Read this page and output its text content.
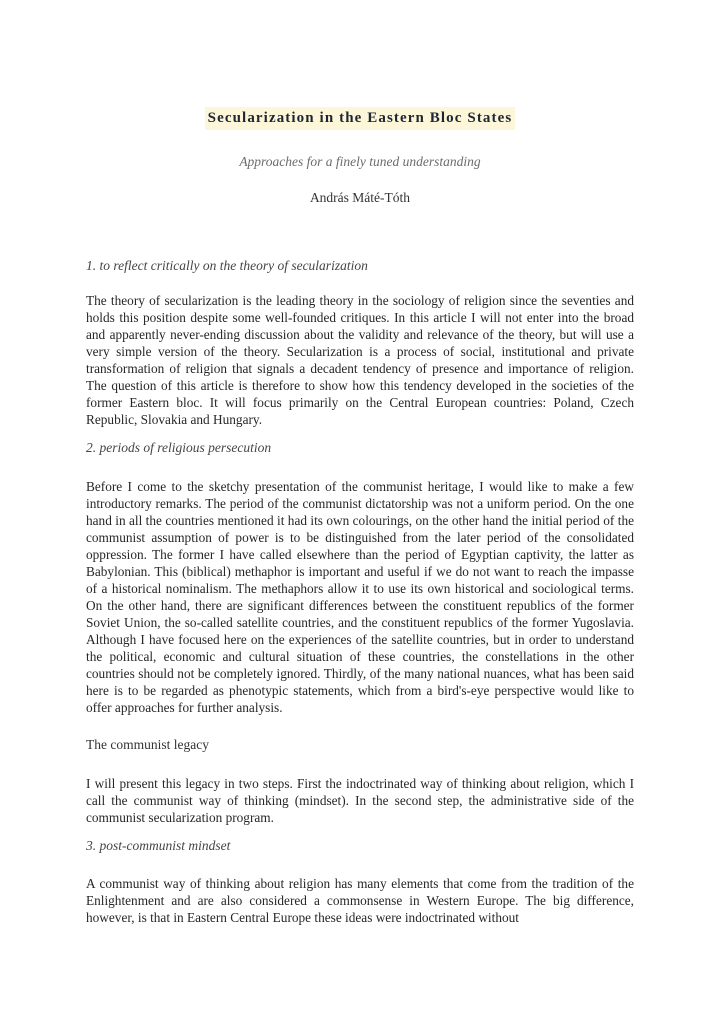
Secularization in the Eastern Bloc States

Approaches for a finely tuned understanding

András Máté-Tóth

1. to reflect critically on the theory of secularization

The theory of secularization is the leading theory in the sociology of religion since the seventies and holds this position despite some well-founded critiques. In this article I will not enter into the broad and apparently never-ending discussion about the validity and relevance of the theory, but will use a very simple version of the theory. Secularization is a process of social, institutional and private transformation of religion that signals a decadent tendency of presence and importance of religion. The question of this article is therefore to show how this tendency developed in the societies of the former Eastern bloc. It will focus primarily on the Central European countries: Poland, Czech Republic, Slovakia and Hungary.

2. periods of religious persecution

Before I come to the sketchy presentation of the communist heritage, I would like to make a few introductory remarks. The period of the communist dictatorship was not a uniform period. On the one hand in all the countries mentioned it had its own colourings, on the other hand the initial period of the communist assumption of power is to be distinguished from the later period of the consolidated oppression. The former I have called elsewhere than the period of Egyptian captivity, the latter as Babylonian. This (biblical) methaphor is important and useful if we do not want to reach the impasse of a historical nominalism. The methaphors allow it to use its own historical and sociological terms. On the other hand, there are significant differences between the constituent republics of the former Soviet Union, the so-called satellite countries, and the constituent republics of the former Yugoslavia. Although I have focused here on the experiences of the satellite countries, but in order to understand the political, economic and cultural situation of these countries, the constellations in the other countries should not be completely ignored. Thirdly, of the many national nuances, what has been said here is to be regarded as phenotypic statements, which from a bird's-eye perspective would like to offer approaches for further analysis.

The communist legacy

I will present this legacy in two steps. First the indoctrinated way of thinking about religion, which I call the communist way of thinking (mindset). In the second step, the administrative side of the communist secularization program.

3. post-communist mindset

A communist way of thinking about religion has many elements that come from the tradition of the Enlightenment and are also considered a commonsense in Western Europe. The big difference, however, is that in Eastern Central Europe these ideas were indoctrinated without
